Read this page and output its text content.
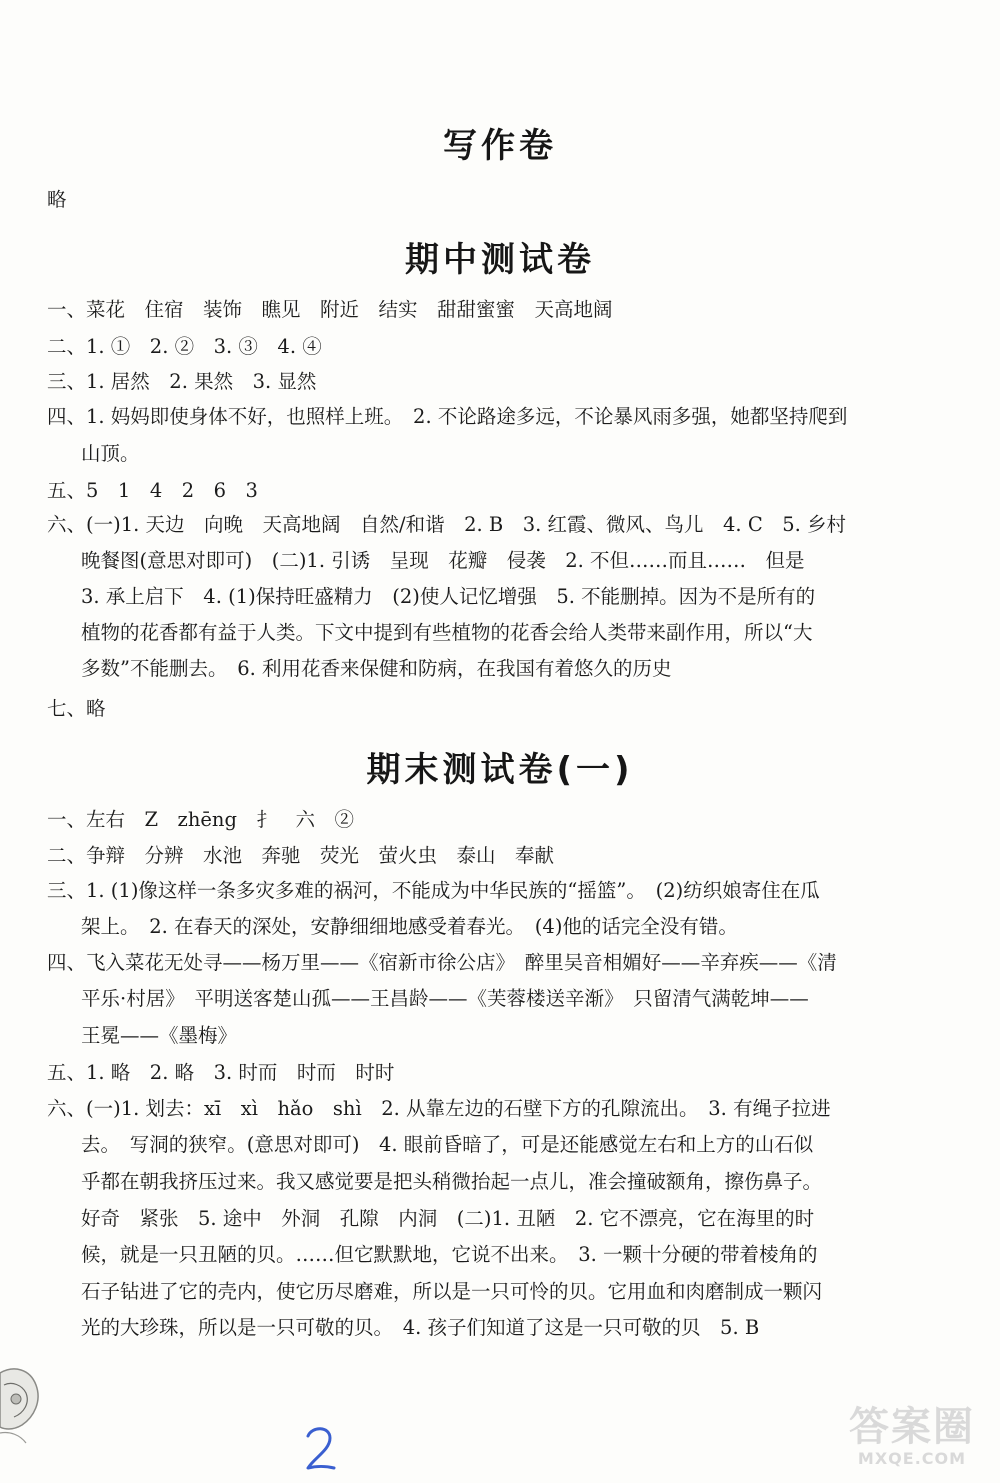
写作卷
略
期中测试卷
一、菜花　住宿　装饰　瞧见　附近　结实　甜甜蜜蜜　天高地阔
二、1. ①　2. ②　3. ③　4. ④
三、1. 居然　2. 果然　3. 显然
四、1. 妈妈即使身体不好，也照样上班。　2. 不论路途多远，不论暴风雨多强，她都坚持爬到
山顶。
五、5　1　4　2　6　3
六、(一)1. 天边　向晚　天高地阔　自然/和谐　2. B　3. 红霞、微风、鸟儿　4. C　5. 乡村
晚餐图(意思对即可)　(二)1. 引诱　呈现　花瓣　侵袭　2. 不但……而且……　但是
3. 承上启下　4. (1)保持旺盛精力　(2)使人记忆增强　5. 不能删掉。因为不是所有的
植物的花香都有益于人类。下文中提到有些植物的花香会给人类带来副作用，所以“大
多数”不能删去。　6. 利用花香来保健和防病，在我国有着悠久的历史
七、略
期末测试卷(一)
一、左右　Z　zhēng　扌　六　②
二、争辩　分辨　水池　奔驰　荧光　萤火虫　泰山　奉献
三、1. (1)像这样一条多灾多难的祸河，不能成为中华民族的“摇篮”。　(2)纺织娘寄住在瓜
架上。　2. 在春天的深处，安静细细地感受着春光。　(4)他的话完全没有错。
四、飞入菜花无处寻——杨万里——《宿新市徐公店》　醉里吴音相媚好——辛弃疾——《清
平乐·村居》　平明送客楚山孤——王昌龄——《芙蓉楼送辛渐》　只留清气满乾坤——
王冕——《墨梅》
五、1. 略　2. 略　3. 时而　时而　时时
六、(一)1. 划去：xī　xì　hǎo　shì　2. 从靠左边的石壁下方的孔隙流出。　3. 有绳子拉进
去。　写洞的狭窄。(意思对即可)　4. 眼前昏暗了，可是还能感觉左右和上方的山石似
乎都在朝我挤压过来。我又感觉要是把头稍微抬起一点儿，准会撞破额角，擦伤鼻子。
好奇　紧张　5. 途中　外洞　孔隙　内洞　(二)1. 丑陋　2. 它不漂亮，它在海里的时
候，就是一只丑陋的贝。……但它默默地，它说不出来。　3. 一颗十分硬的带着棱角的
石子钻进了它的壳内，使它历尽磨难，所以是一只可怜的贝。它用血和肉磨制成一颗闪
光的大珍珠，所以是一只可敬的贝。　4. 孩子们知道了这是一只可敬的贝　5. B
答案圈
MXQE.COM
